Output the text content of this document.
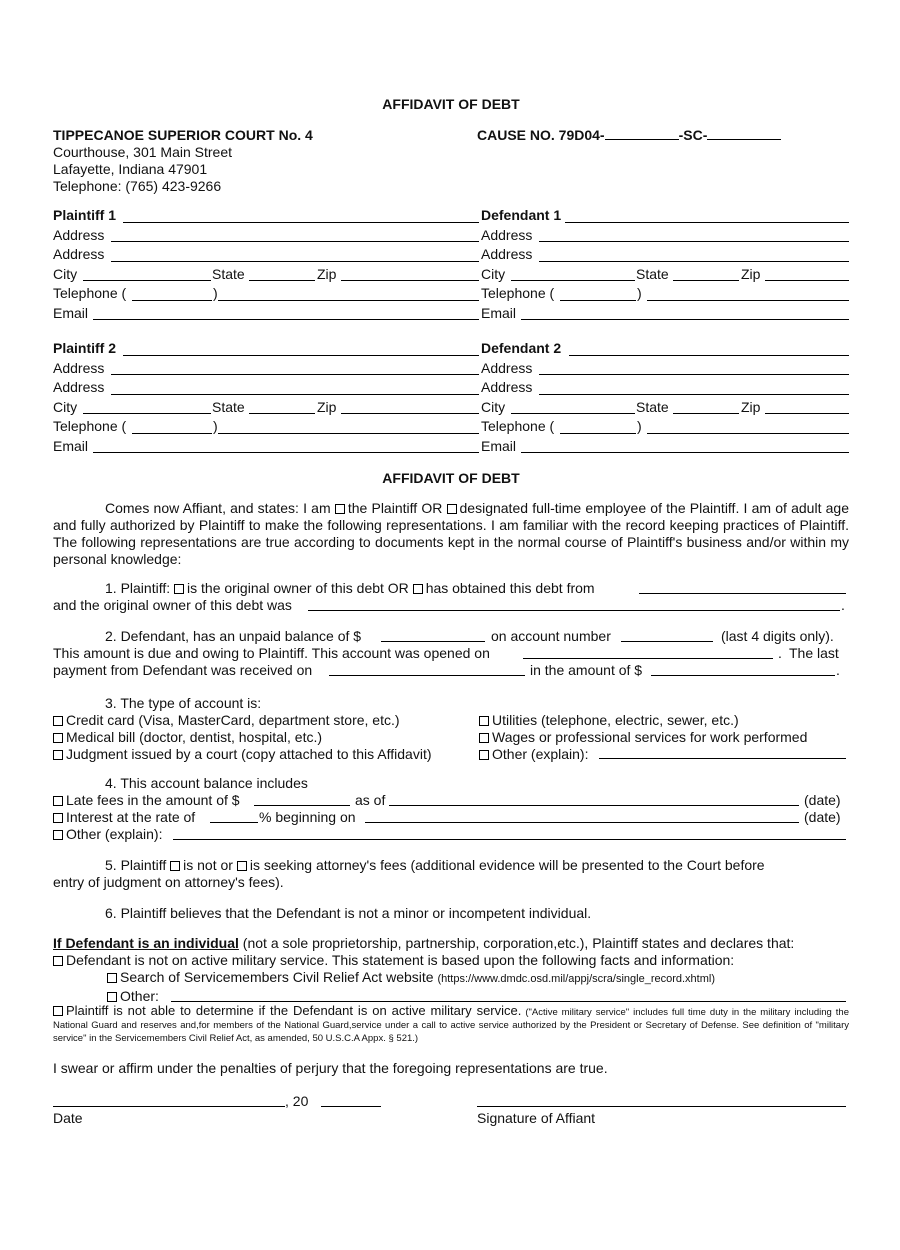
AFFIDAVIT OF DEBT
TIPPECANOE SUPERIOR COURT No. 4
Courthouse, 301 Main Street
Lafayette, Indiana 47901
Telephone: (765) 423-9266
CAUSE NO. 79D04-	-SC-
Plaintiff 1	Defendant 1
Address	Address
Address	Address
City	State	Zip	City	State	Zip
Telephone (	)	Telephone (	)
Email	Email
Plaintiff 2	Defendant 2
Address	Address
Address	Address
City	State	Zip	City	State	Zip
Telephone (	)	Telephone (	)
Email	Email
AFFIDAVIT OF DEBT
Comes now Affiant, and states: I am the Plaintiff OR designated full-time employee of the Plaintiff. I am of adult age and fully authorized by Plaintiff to make the following representations. I am familiar with the record keeping practices of Plaintiff. The following representations are true according to documents kept in the normal course of Plaintiff's business and/or within my personal knowledge:
1. Plaintiff: is the original owner of this debt OR has obtained this debt from
and the original owner of this debt was	.
2. Defendant, has an unpaid balance of $	on account number	(last 4 digits only).
This amount is due and owing to Plaintiff. This account was opened on	. The last
payment from Defendant was received on	in the amount of $	.
3. The type of account is:
Credit card (Visa, MasterCard, department store, etc.)
Medical bill (doctor, dentist, hospital, etc.)
Judgment issued by a court (copy attached to this Affidavit)
Utilities (telephone, electric, sewer, etc.)
Wages or professional services for work performed
Other (explain):
4. This account balance includes
Late fees in the amount of $	as of	(date)
Interest at the rate of	% beginning on	(date)
Other (explain):
5. Plaintiff is not or is seeking attorney's fees (additional evidence will be presented to the Court before
entry of judgment on attorney's fees).
6. Plaintiff believes that the Defendant is not a minor or incompetent individual.
If Defendant is an individual (not a sole proprietorship, partnership, corporation,etc.), Plaintiff states and declares that:
Defendant is not on active military service. This statement is based upon the following facts and information:
Search of Servicemembers Civil Relief Act website (https://www.dmdc.osd.mil/appj/scra/single_record.xhtml)
Other:
Plaintiff is not able to determine if the Defendant is on active military service. ("Active military service" includes full time duty in the military including the National Guard and reserves and,for members of the National Guard,service under a call to active service authorized by the President or Secretary of Defense. See definition of "military service" in the Servicemembers Civil Relief Act, as amended, 50 U.S.C.A Appx. § 521.)
I swear or affirm under the penalties of perjury that the foregoing representations are true.
, 20
Date	Signature of Affiant
